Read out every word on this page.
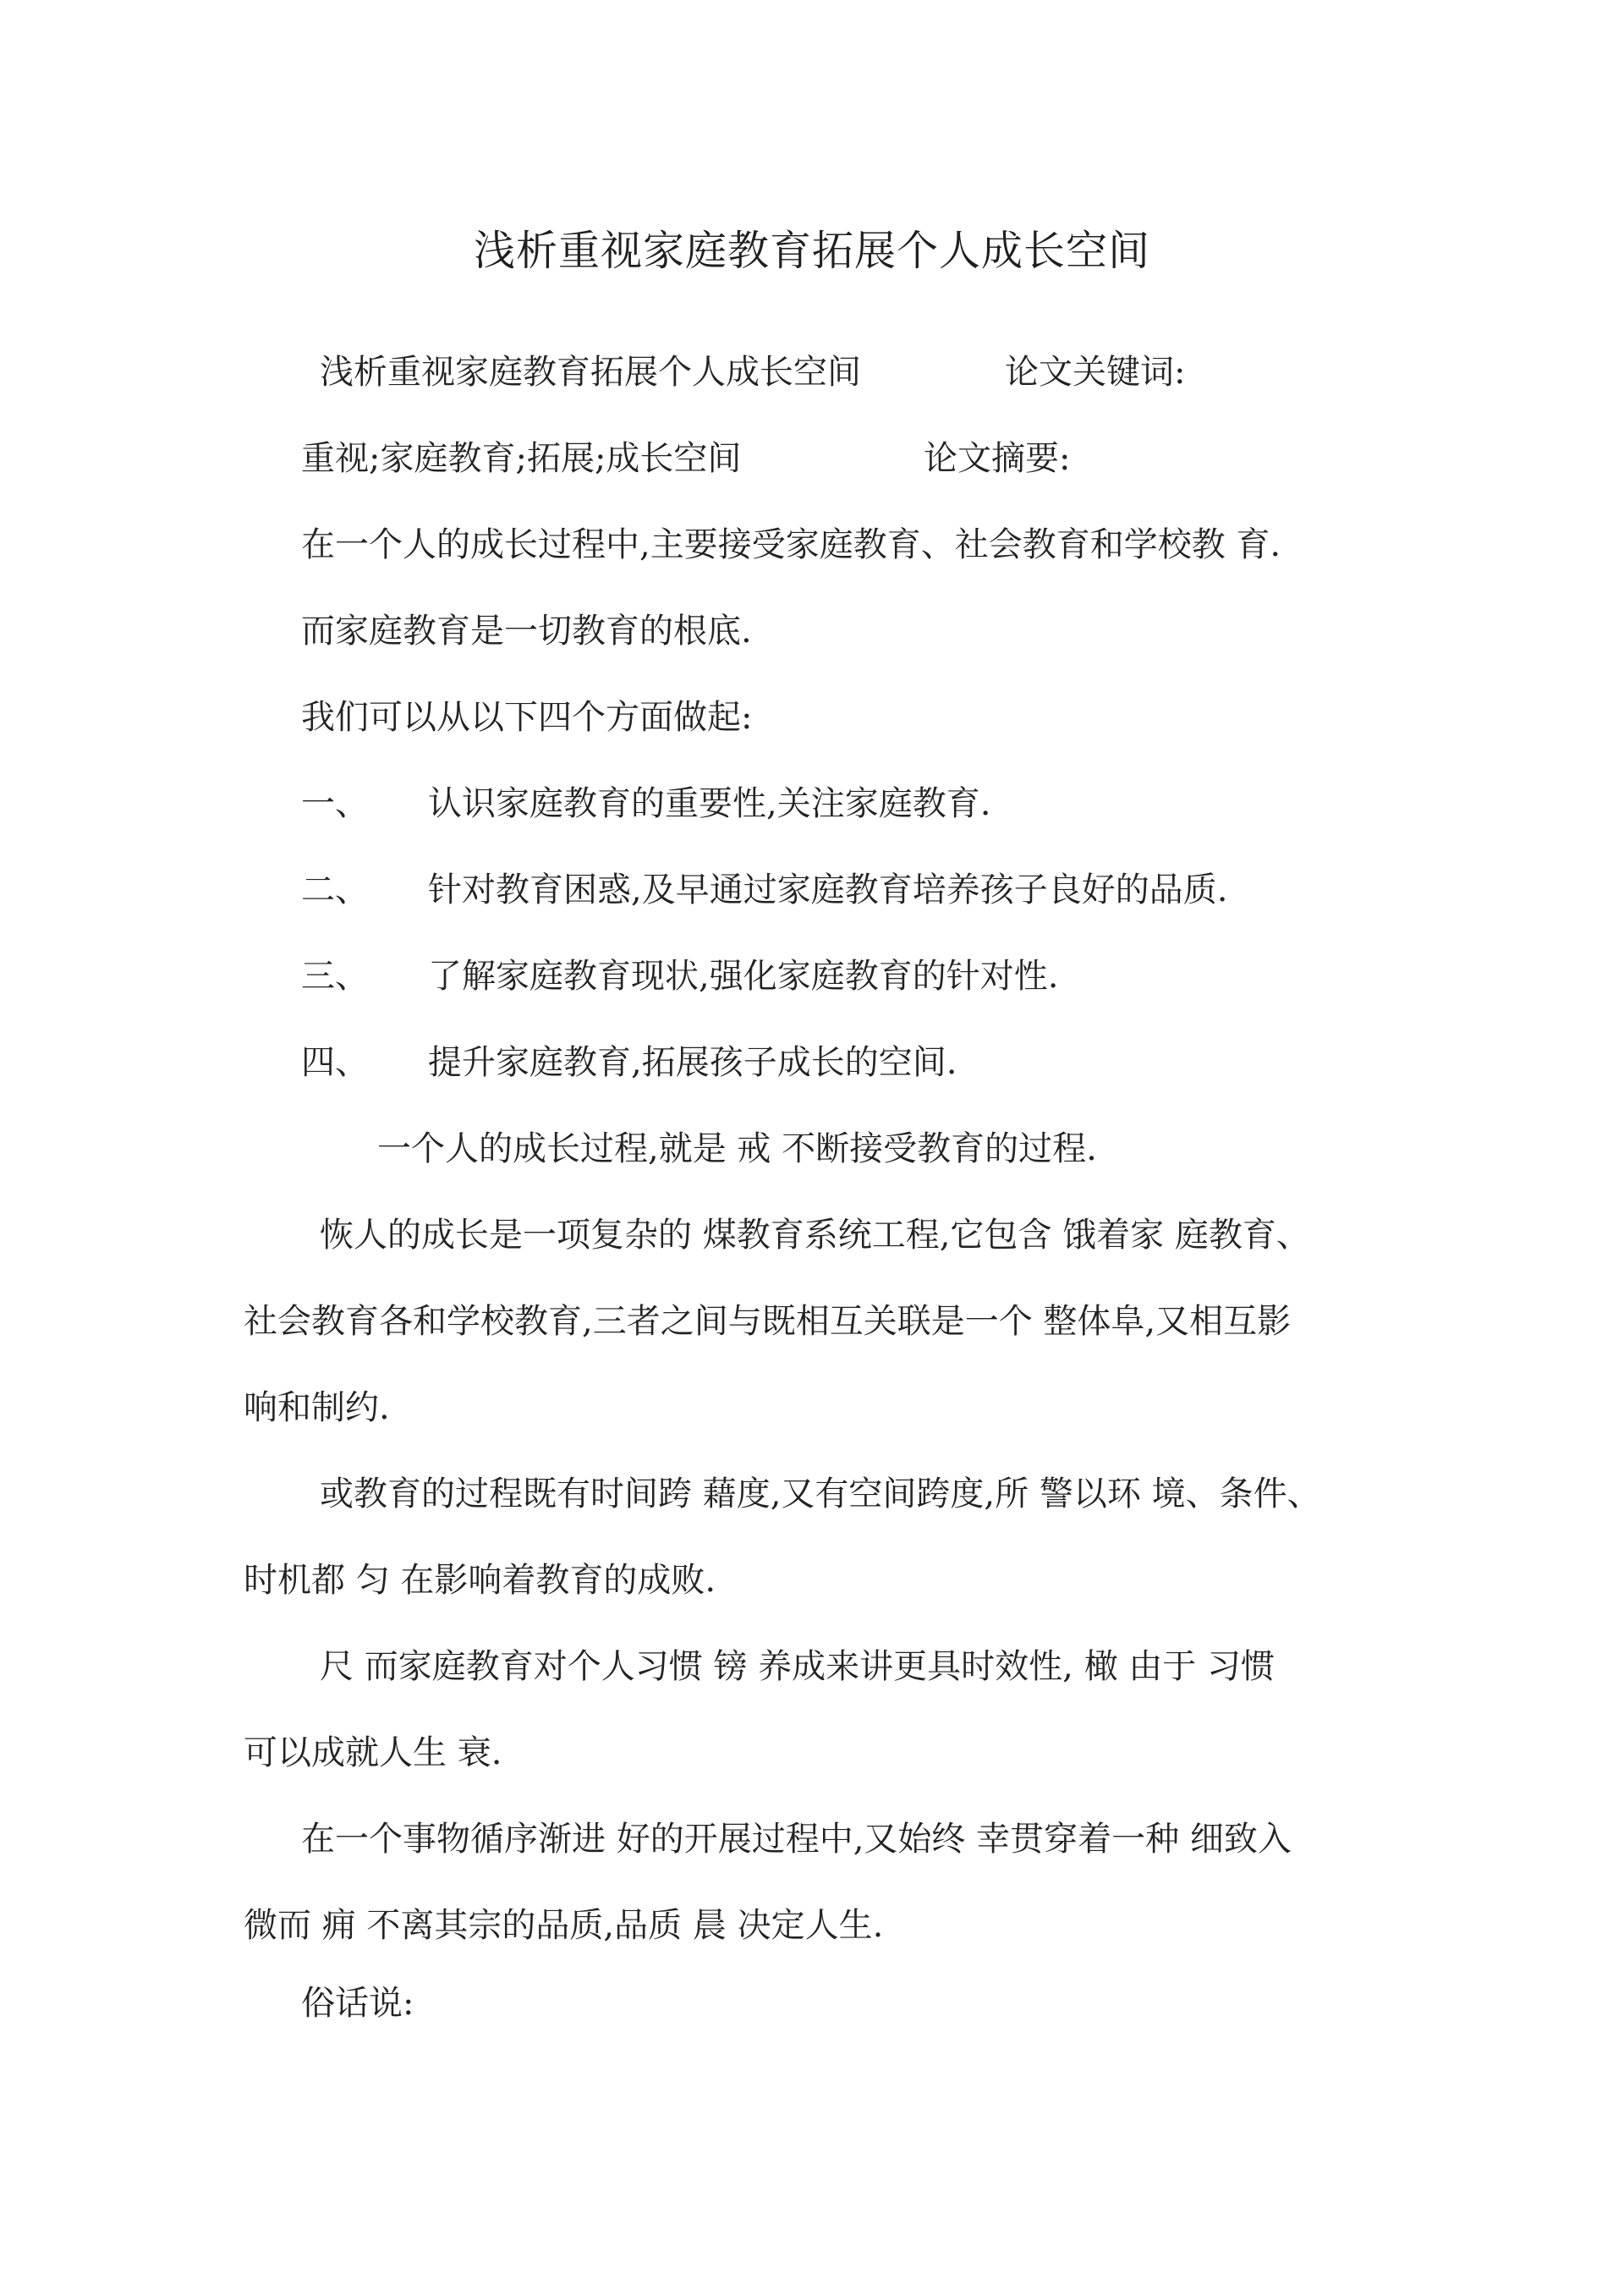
浅析重视家庭教育拓展个人成长空间
浅析重视家庭教育拓展个人成长空间	论文关键词:
重视;家庭教育;拓展;成长空间	论文摘要:
在一个人的成长过程中,主要接受家庭教育、社会教育和学校教 育.
而家庭教育是一切教育的根底.
我们可以从以下四个方面做起:
一、 认识家庭教育的重要性,关注家庭教育.
二、 针对教育困惑,及早通过家庭教育培养孩子良好的品质.
三、 了解家庭教育现状,强化家庭教育的针对性.
四、 提升家庭教育,拓展孩子成长的空间.
一个人的成长过程,就是 戒 不断接受教育的过程.
恢人的成长是一项复杂的 煤教育系统工程,它包含 饿着家 庭教育、
社会教育各和学校教育,三者之间与既相互关联是一个 整体阜,又相互影
响和制约.
或教育的过程既有时间跨 藉度,又有空间跨度,所 警以环 境、条件、
时机都 匀 在影响着教育的成败.
尺 而家庭教育对个人习惯 镑 养成来讲更具时效性, 橄 由于 习惯
可以成就人生 衰.
在一个事物循序渐进 好的开展过程中,又始终 幸贯穿着一种 细致入
微而 痈 不离其宗的品质,品质 晨 决定人生.
俗话说:
